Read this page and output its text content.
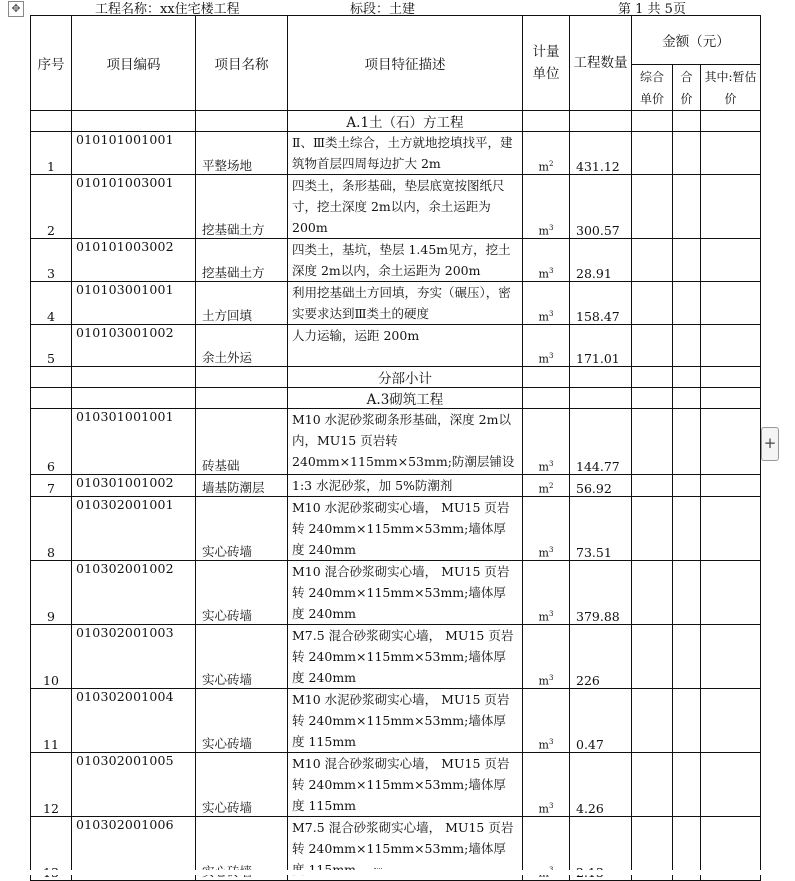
✥	工程名称：xx住宅楼工程	标段：土建	第 1 共 5页
序号	项目编码	项目名称	项目特征描述	计量单位	工程数量	金额（元）		
						综合单价	合价	其中:暂估价
			A.1土（石）方工程					
1	010101001001	平整场地	Ⅱ、Ⅲ类土综合，土方就地挖填找平，建筑物首层四周每边扩大 2m	$m^2$	431.12			
2	010101003001	挖基础土方	四类土，条形基础，垫层底宽按图纸尺寸，挖土深度 2m以内，余土运距为 200m	$m^3$	300.57			
3	010101003002	挖基础土方	四类土，基坑，垫层 1.45m见方，挖土深度 2m以内，余土运距为 200m	$m^3$	28.91			
4	010103001001	土方回填	利用挖基础土方回填，夯实（碾压），密实要求达到Ⅲ类土的硬度	$m^3$	158.47			
5	010103001002	余土外运	人力运输，运距 200m	$m^3$	171.01			
			分部小计					
			A.3砌筑工程					
6	010301001001	砖基础	M10 水泥砂浆砌条形基础，深度 2m以内，MU15 页岩转 240mm×115mm×53mm;防潮层铺设	$m^3$	144.77			
7	010301001002	墙基防潮层	1:3 水泥砂浆，加 5%防潮剂	$m^2$	56.92			
8	010302001001	实心砖墙	M10 水泥砂浆砌实心墙， MU15 页岩转 240mm×115mm×53mm;墙体厚度 240mm	$m^3$	73.51			
9	010302001002	实心砖墙	M10 混合砂浆砌实心墙， MU15 页岩转 240mm×115mm×53mm;墙体厚度 240mm	$m^3$	379.88			
10	010302001003	实心砖墙	M7.5 混合砂浆砌实心墙， MU15 页岩转 240mm×115mm×53mm;墙体厚度 240mm	$m^3$	226			
11	010302001004	实心砖墙	M10 水泥砂浆砌实心墙， MU15 页岩转 240mm×115mm×53mm;墙体厚度 115mm	$m^3$	0.47			
12	010302001005	实心砖墙	M10 混合砂浆砌实心墙， MU15 页岩转 240mm×115mm×53mm;墙体厚度 115mm	$m^3$	4.26			
	010302001006		M7.5 混合砂浆砌实心墙， MU15 页岩转 240mm×115mm×53mm;墙体厚					
+
